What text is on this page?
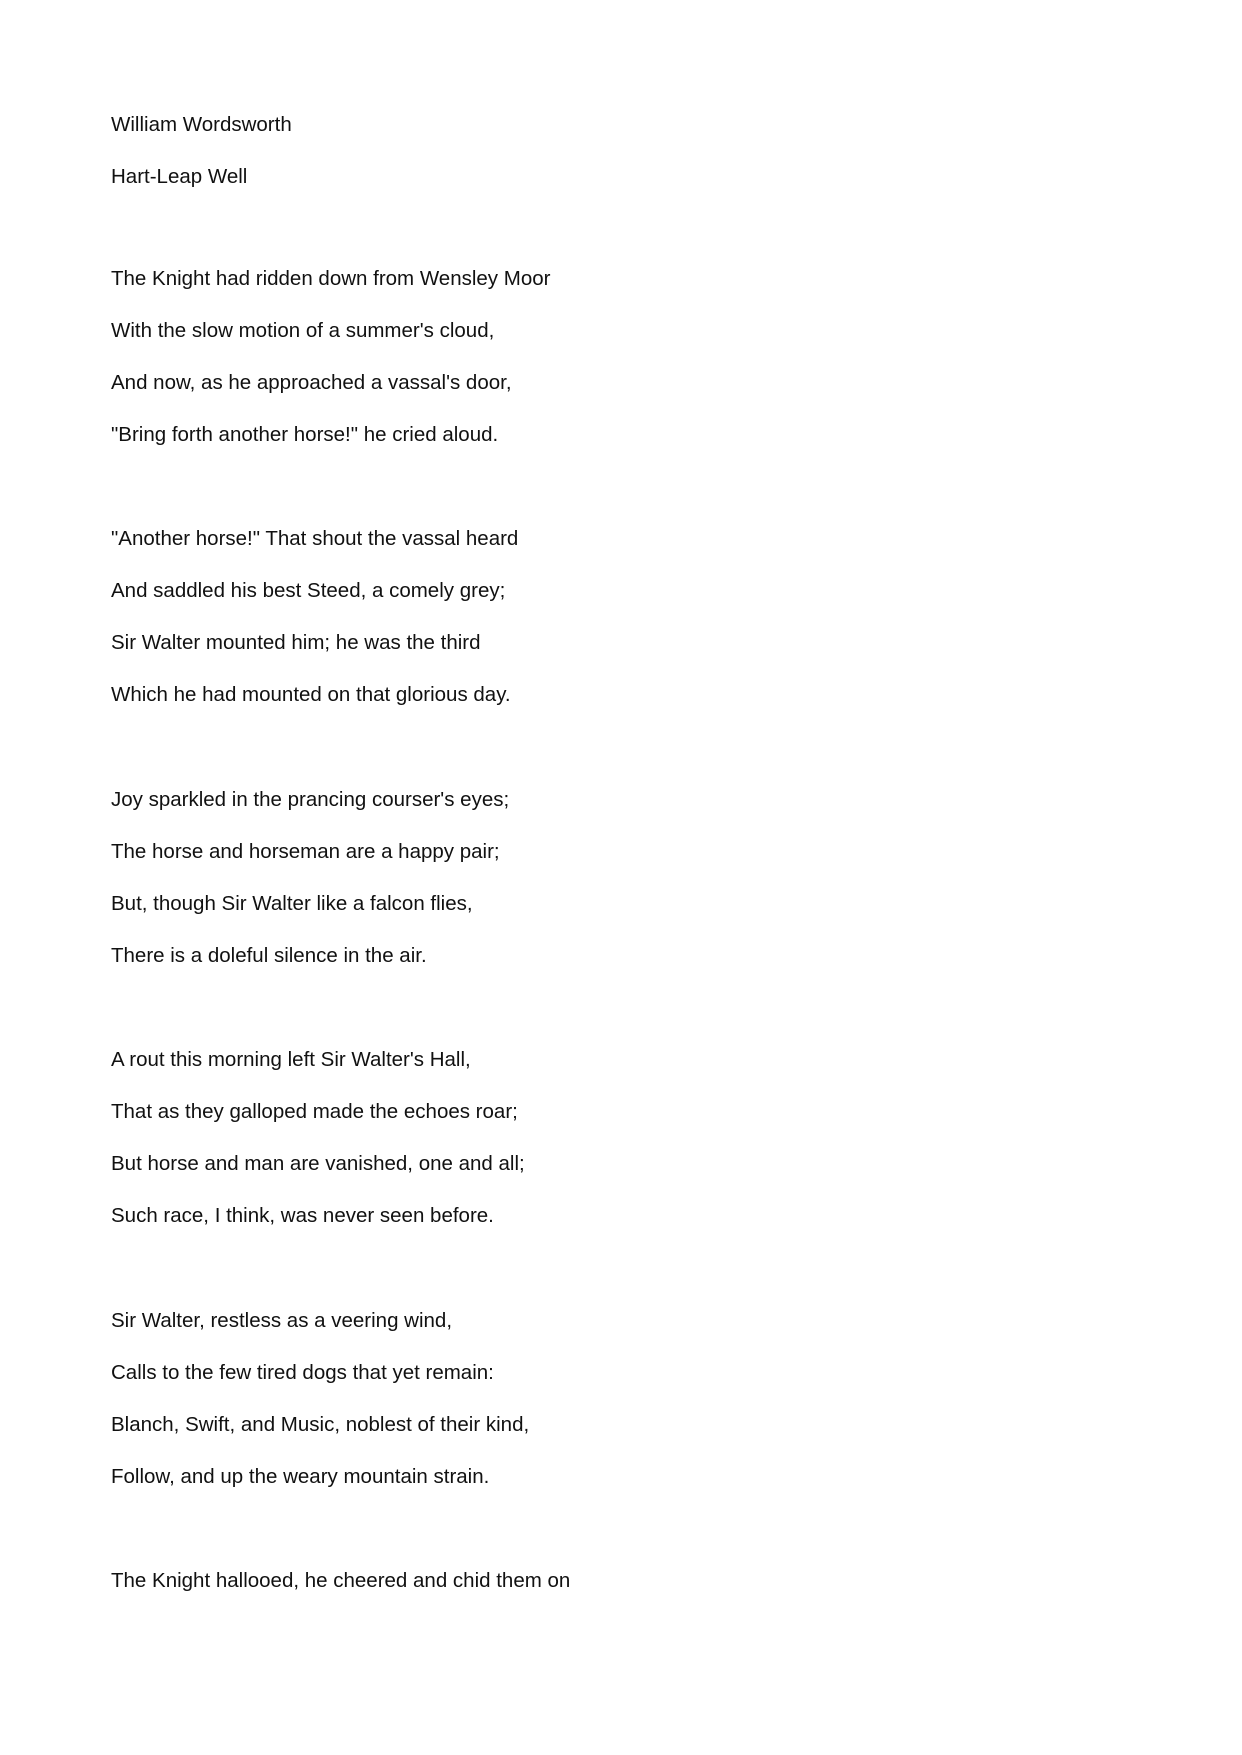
William Wordsworth
Hart-Leap Well
The Knight had ridden down from Wensley Moor
With the slow motion of a summer's cloud,
And now, as he approached a vassal's door,
"Bring forth another horse!" he cried aloud.
"Another horse!" That shout the vassal heard
And saddled his best Steed, a comely grey;
Sir Walter mounted him; he was the third
Which he had mounted on that glorious day.
Joy sparkled in the prancing courser's eyes;
The horse and horseman are a happy pair;
But, though Sir Walter like a falcon flies,
There is a doleful silence in the air.
A rout this morning left Sir Walter's Hall,
That as they galloped made the echoes roar;
But horse and man are vanished, one and all;
Such race, I think, was never seen before.
Sir Walter, restless as a veering wind,
Calls to the few tired dogs that yet remain:
Blanch, Swift, and Music, noblest of their kind,
Follow, and up the weary mountain strain.
The Knight hallooed, he cheered and chid them on
